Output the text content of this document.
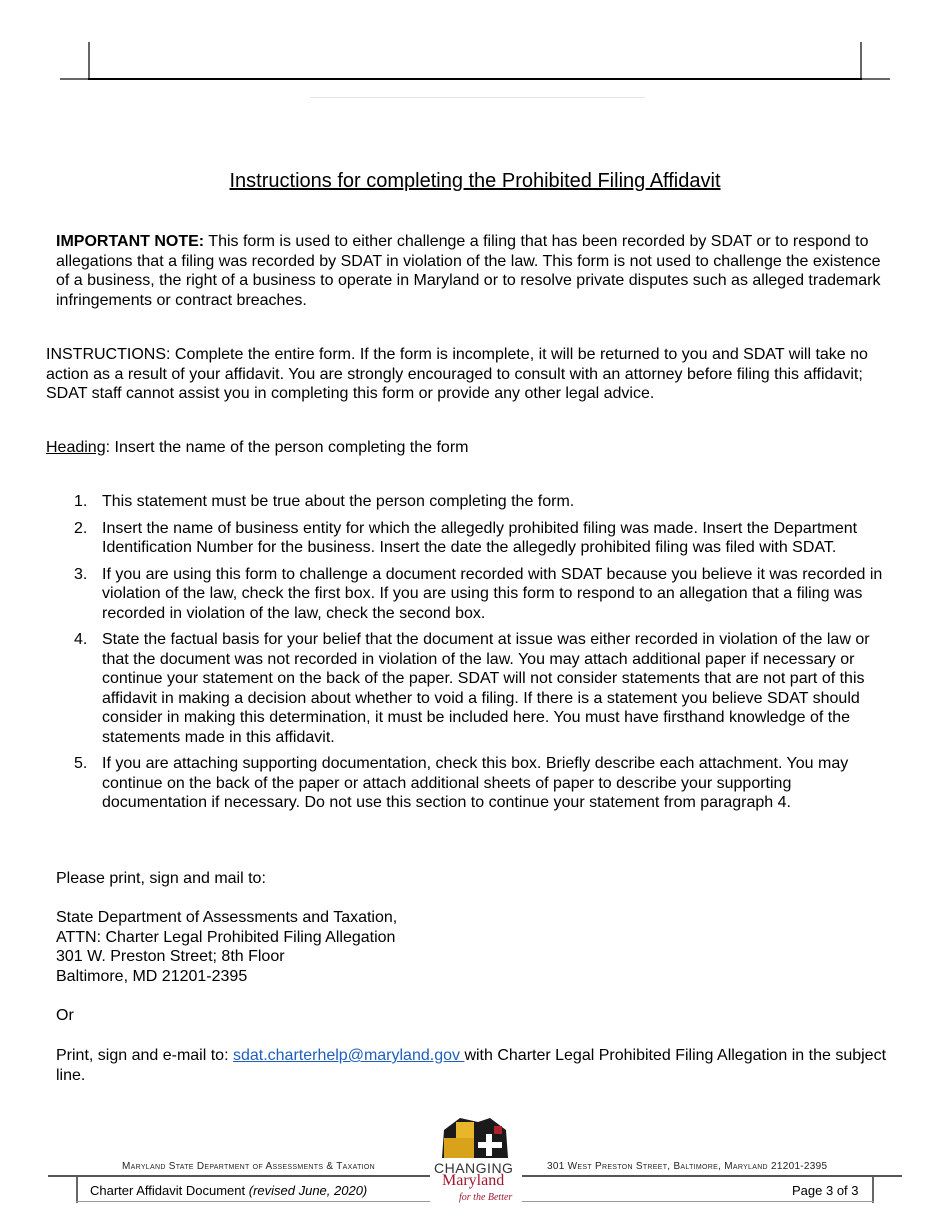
Instructions for completing the Prohibited Filing Affidavit

IMPORTANT NOTE: This form is used to either challenge a filing that has been recorded by SDAT or to respond to allegations that a filing was recorded by SDAT in violation of the law. This form is not used to challenge the existence of a business, the right of a business to operate in Maryland or to resolve private disputes such as alleged trademark infringements or contract breaches.

INSTRUCTIONS: Complete the entire form. If the form is incomplete, it will be returned to you and SDAT will take no action as a result of your affidavit. You are strongly encouraged to consult with an attorney before filing this affidavit; SDAT staff cannot assist you in completing this form or provide any other legal advice.

Heading: Insert the name of the person completing the form

1. This statement must be true about the person completing the form.
2. Insert the name of business entity for which the allegedly prohibited filing was made. Insert the Department Identification Number for the business. Insert the date the allegedly prohibited filing was filed with SDAT.
3. If you are using this form to challenge a document recorded with SDAT because you believe it was recorded in violation of the law, check the first box. If you are using this form to respond to an allegation that a filing was recorded in violation of the law, check the second box.
4. State the factual basis for your belief that the document at issue was either recorded in violation of the law or that the document was not recorded in violation of the law. You may attach additional paper if necessary or continue your statement on the back of the paper. SDAT will not consider statements that are not part of this affidavit in making a decision about whether to void a filing. If there is a statement you believe SDAT should consider in making this determination, it must be included here. You must have firsthand knowledge of the statements made in this affidavit.
5. If you are attaching supporting documentation, check this box. Briefly describe each attachment. You may continue on the back of the paper or attach additional sheets of paper to describe your supporting documentation if necessary. Do not use this section to continue your statement from paragraph 4.

Please print, sign and mail to:

State Department of Assessments and Taxation,
ATTN: Charter Legal Prohibited Filing Allegation
301 W. Preston Street; 8th Floor
Baltimore, MD 21201-2395

Or

Print, sign and e-mail to: sdat.charterhelp@maryland.gov with Charter Legal Prohibited Filing Allegation in the subject line.

Maryland State Department of Assessments & Taxation	301 West Preston Street, Baltimore, Maryland 21201-2395
Charter Affidavit Document (revised June, 2020)	Page 3 of 3
CHANGING
Maryland
for the Better
